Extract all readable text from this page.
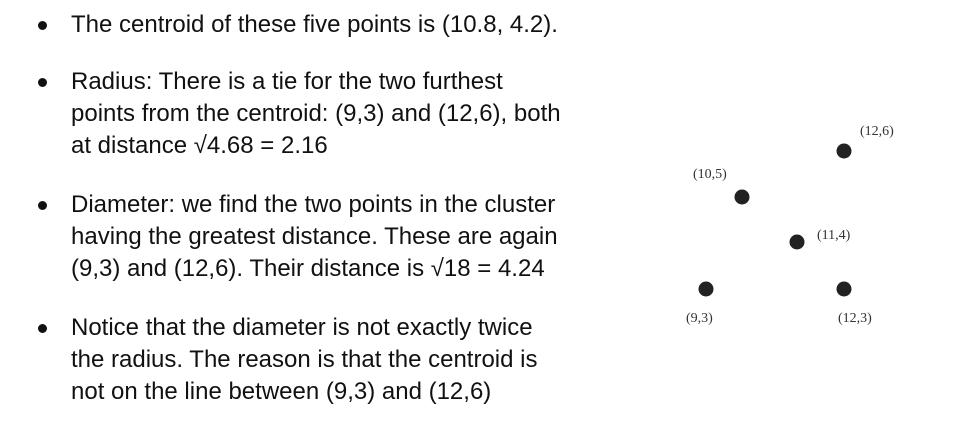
The centroid of these five points is (10.8, 4.2).
Radius: There is a tie for the two furthest
points from the centroid: (9,3) and (12,6), both
at distance √4.68 = 2.16
Diameter: we find the two points in the cluster
having the greatest distance. These are again
(9,3) and (12,6). Their distance is √18 = 4.24
Notice that the diameter is not exactly twice
the radius. The reason is that the centroid is
not on the line between (9,3) and (12,6)
(12,6)
(10,5)
(11,4)
(9,3)	(12,3)
